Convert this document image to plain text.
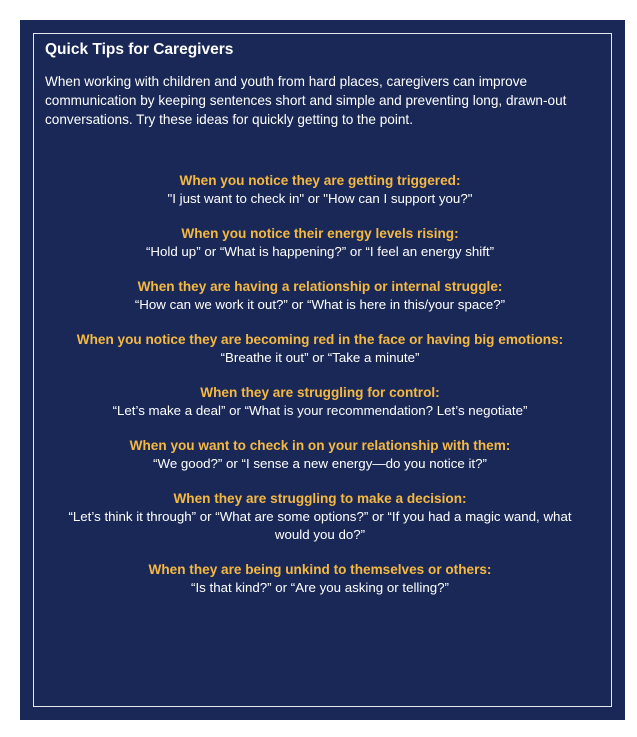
Quick Tips for Caregivers

When working with children and youth from hard places, caregivers can improve communication by keeping sentences short and simple and preventing long, drawn-out conversations. Try these ideas for quickly getting to the point.

When you notice they are getting triggered:
"I just want to check in" or "How can I support you?"
When you notice their energy levels rising:
“Hold up” or “What is happening?” or “I feel an energy shift”
When they are having a relationship or internal struggle:
“How can we work it out?” or “What is here in this/your space?”
When you notice they are becoming red in the face or having big emotions:
“Breathe it out” or “Take a minute”
When they are struggling for control:
“Let’s make a deal” or “What is your recommendation? Let’s negotiate”
When you want to check in on your relationship with them:
“We good?” or “I sense a new energy—do you notice it?”
When they are struggling to make a decision:
“Let’s think it through” or “What are some options?” or “If you had a magic wand, what would you do?”
When they are being unkind to themselves or others:
“Is that kind?” or “Are you asking or telling?”
